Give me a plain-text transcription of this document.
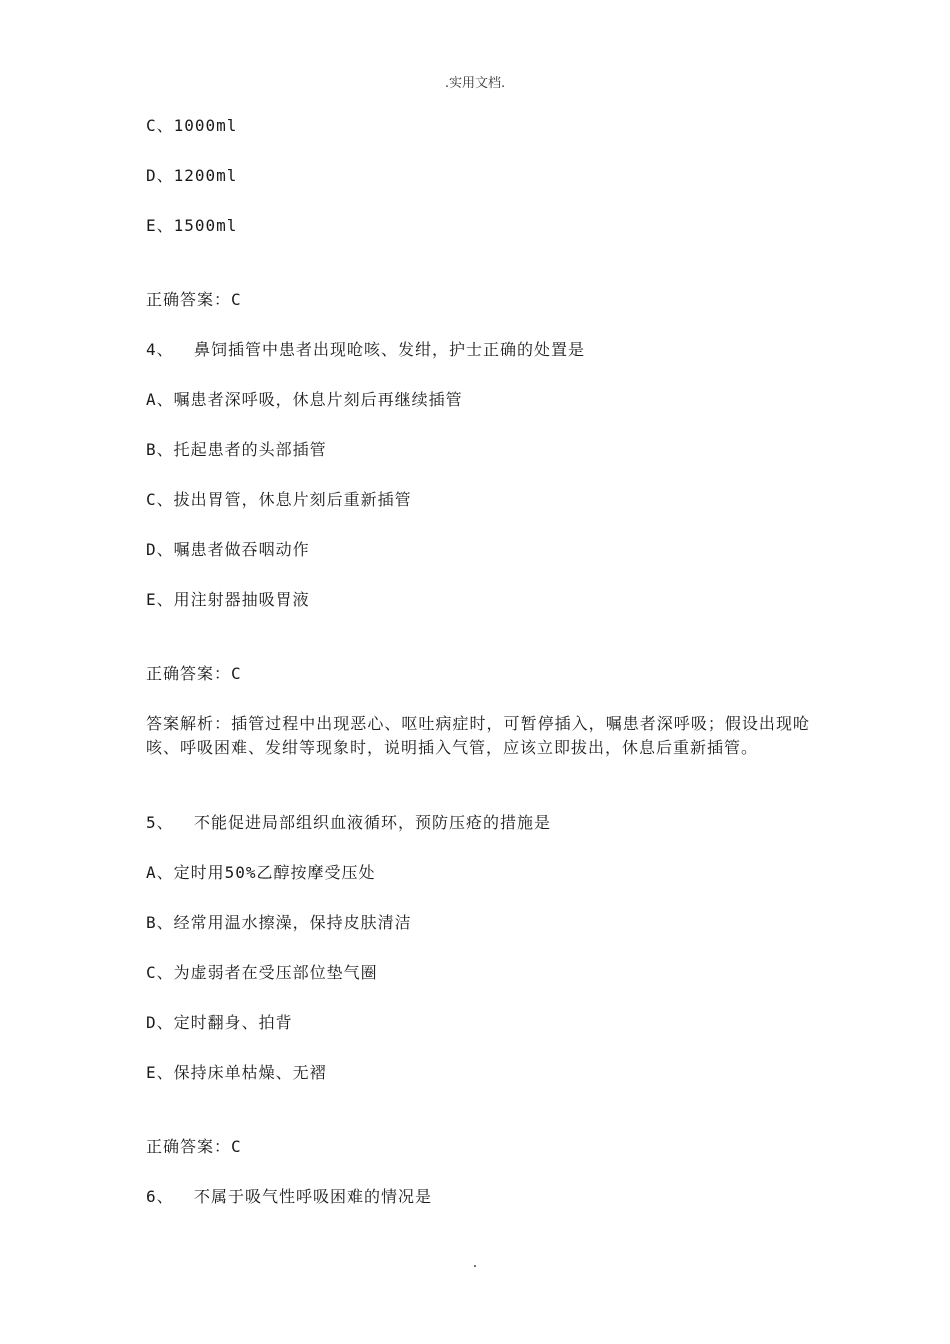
.实用文档.
C、1000ml
D、1200ml
E、1500ml
正确答案：C
4、 鼻饲插管中患者出现呛咳、发绀，护士正确的处置是
A、嘱患者深呼吸，休息片刻后再继续插管
B、托起患者的头部插管
C、拔出胃管，休息片刻后重新插管
D、嘱患者做吞咽动作
E、用注射器抽吸胃液
正确答案：C
答案解析：插管过程中出现恶心、呕吐病症时，可暂停插入，嘱患者深呼吸；假设出现呛咳、呼吸困难、发绀等现象时，说明插入气管，应该立即拔出，休息后重新插管。
5、 不能促进局部组织血液循环，预防压疮的措施是
A、定时用50%乙醇按摩受压处
B、经常用温水擦澡，保持皮肤清洁
C、为虚弱者在受压部位垫气圈
D、定时翻身、拍背
E、保持床单枯燥、无褶
正确答案：C
6、 不属于吸气性呼吸困难的情况是
.
